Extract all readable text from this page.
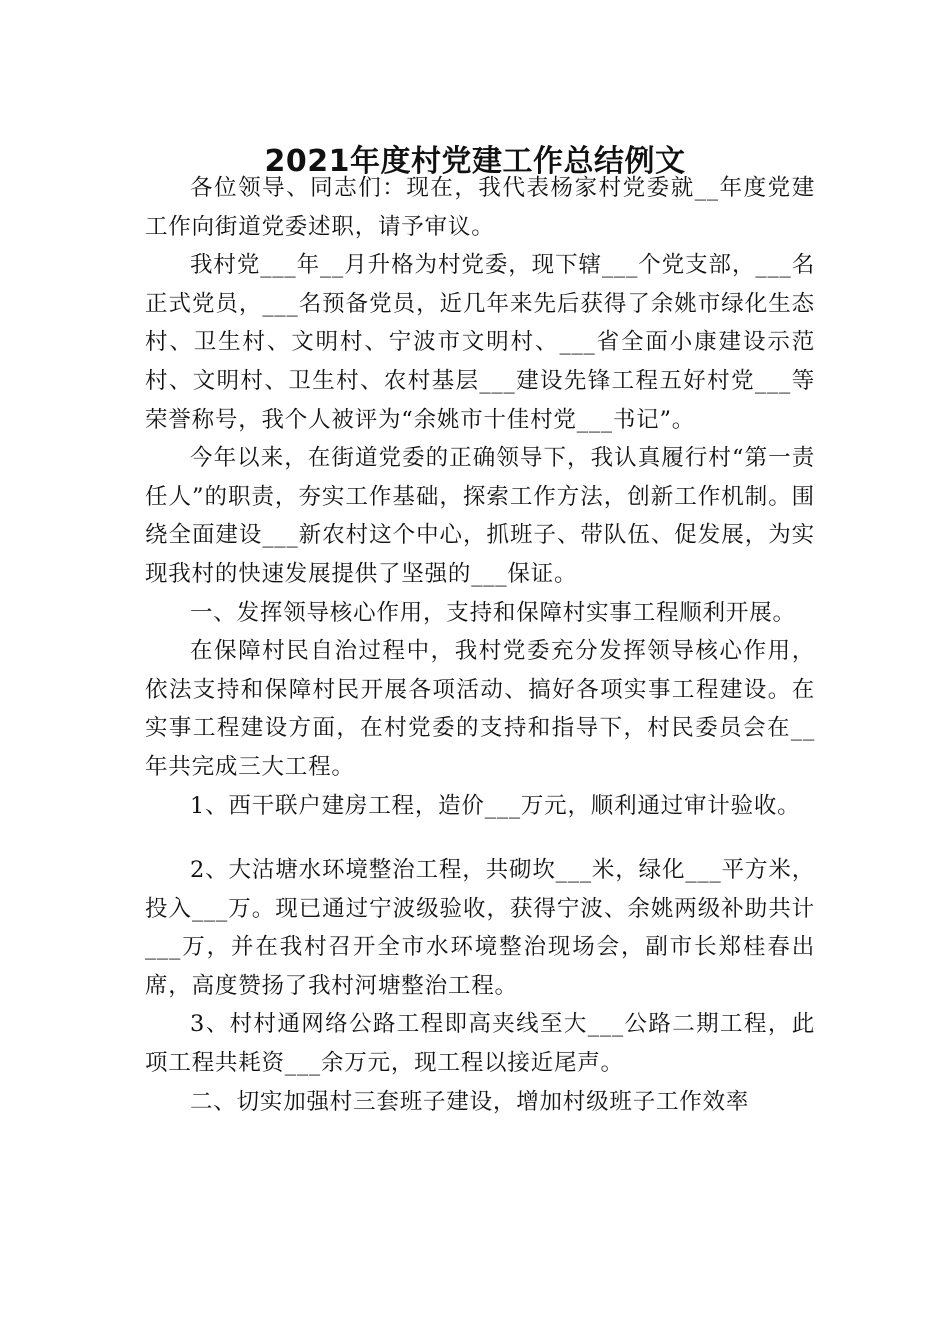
2021年度村党建工作总结例文

各位领导、同志们：现在，我代表杨家村党委就__年度党建工作向街道党委述职，请予审议。

我村党___年__月升格为村党委，现下辖___个党支部，___名正式党员，___名预备党员，近几年来先后获得了余姚市绿化生态村、卫生村、文明村、宁波市文明村、___省全面小康建设示范村、文明村、卫生村、农村基层___建设先锋工程五好村党___等荣誉称号，我个人被评为“余姚市十佳村党___书记”。

今年以来，在街道党委的正确领导下，我认真履行村“第一责任人”的职责，夯实工作基础，探索工作方法，创新工作机制。围绕全面建设___新农村这个中心，抓班子、带队伍、促发展，为实现我村的快速发展提供了坚强的___保证。

一、发挥领导核心作用，支持和保障村实事工程顺利开展。

在保障村民自治过程中，我村党委充分发挥领导核心作用，依法支持和保障村民开展各项活动、搞好各项实事工程建设。在实事工程建设方面，在村党委的支持和指导下，村民委员会在__年共完成三大工程。

1、西干联户建房工程，造价___万元，顺利通过审计验收。

2、大沽塘水环境整治工程，共砌坎___米，绿化___平方米，投入___万。现已通过宁波级验收，获得宁波、余姚两级补助共计___万，并在我村召开全市水环境整治现场会，副市长郑桂春出席，高度赞扬了我村河塘整治工程。

3、村村通网络公路工程即高夹线至大___公路二期工程，此项工程共耗资___余万元，现工程以接近尾声。

二、切实加强村三套班子建设，增加村级班子工作效率
